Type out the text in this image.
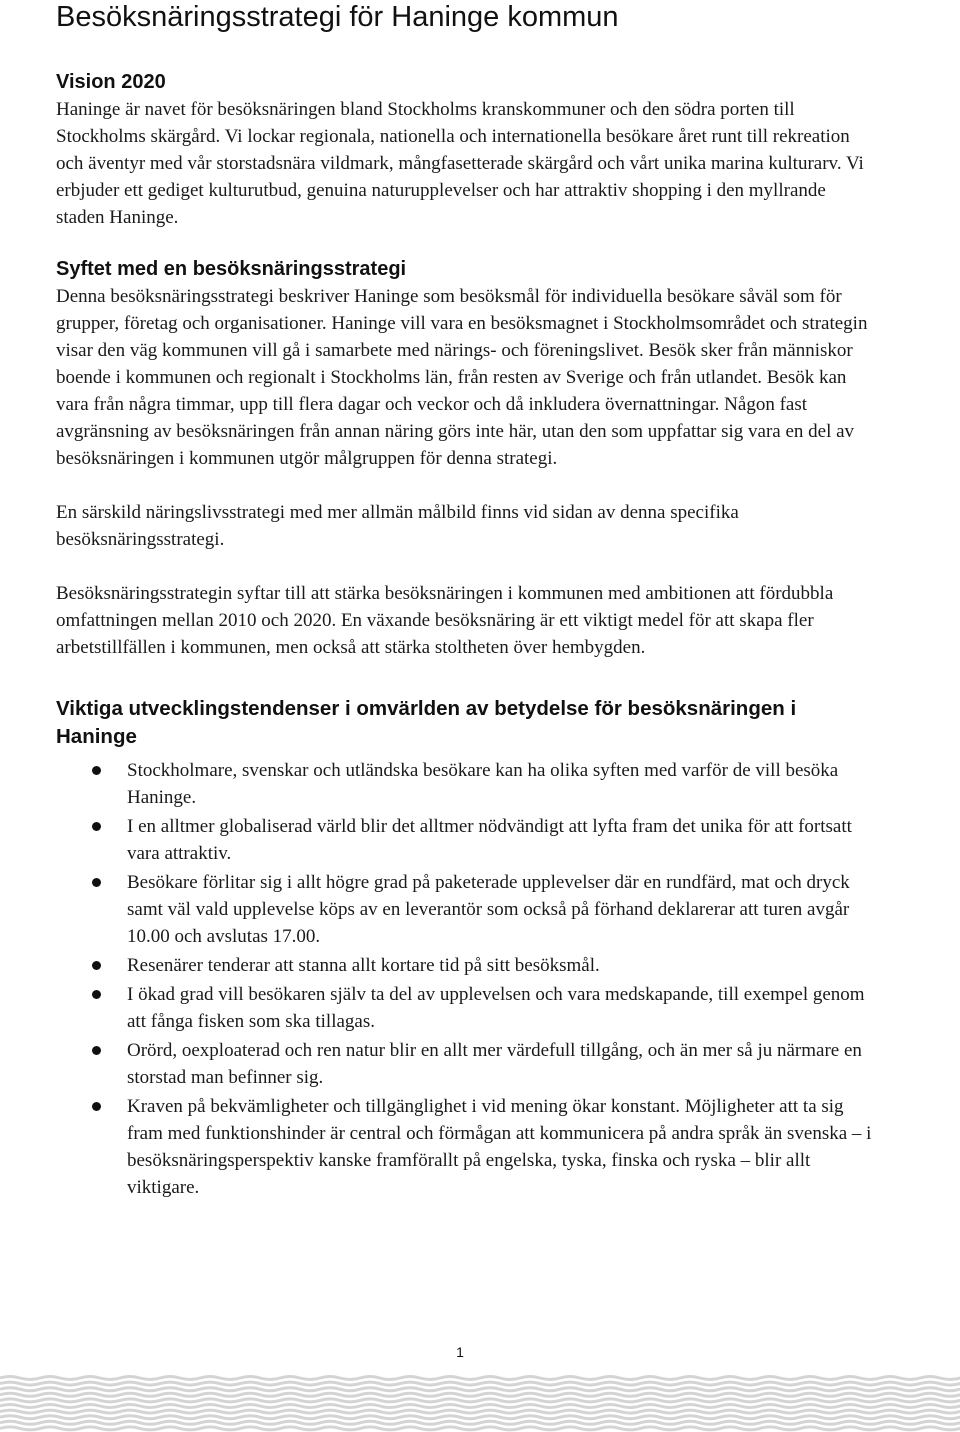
Besöksnäringsstrategi för Haninge kommun
Vision 2020

Haninge är navet för besöksnäringen bland Stockholms kranskommuner och den södra porten till Stockholms skärgård. Vi lockar regionala, nationella och internationella besökare året runt till rekreation och äventyr med vår storstadsnära vildmark, mångfasetterade skärgård och vårt unika marina kulturarv. Vi erbjuder ett gediget kulturutbud, genuina naturupplevelser och har attraktiv shopping i den myllrande staden Haninge.

Syftet med en besöksnäringsstrategi

Denna besöksnäringsstrategi beskriver Haninge som besöksmål för individuella besökare såväl som för grupper, företag och organisationer. Haninge vill vara en besöksmagnet i Stockholmsområdet och strategin visar den väg kommunen vill gå i samarbete med närings- och föreningslivet. Besök sker från människor boende i kommunen och regionalt i Stockholms län, från resten av Sverige och från utlandet. Besök kan vara från några timmar, upp till flera dagar och veckor och då inkludera övernattningar. Någon fast avgränsning av besöksnäringen från annan näring görs inte här, utan den som uppfattar sig vara en del av besöksnäringen i kommunen utgör målgruppen för denna strategi.

En särskild näringslivsstrategi med mer allmän målbild finns vid sidan av denna specifika besöksnäringsstrategi.

Besöksnäringsstrategin syftar till att stärka besöksnäringen i kommunen med ambitionen att fördubbla omfattningen mellan 2010 och 2020. En växande besöksnäring är ett viktigt medel för att skapa fler arbetstillfällen i kommunen, men också att stärka stoltheten över hembygden.

Viktiga utvecklingstendenser i omvärlden av betydelse för besöksnäringen i Haninge
Stockholmare, svenskar och utländska besökare kan ha olika syften med varför de vill besöka Haninge.
I en alltmer globaliserad värld blir det alltmer nödvändigt att lyfta fram det unika för att fortsatt vara attraktiv.
Besökare förlitar sig i allt högre grad på paketerade upplevelser där en rundfärd, mat och dryck samt väl vald upplevelse köps av en leverantör som också på förhand deklarerar att turen avgår 10.00 och avslutas 17.00.
Resenärer tenderar att stanna allt kortare tid på sitt besöksmål.
I ökad grad vill besökaren själv ta del av upplevelsen och vara medskapande, till exempel genom att fånga fisken som ska tillagas.
Orörd, oexploaterad och ren natur blir en allt mer värdefull tillgång, och än mer så ju närmare en storstad man befinner sig.
Kraven på bekvämligheter och tillgänglighet i vid mening ökar konstant. Möjligheter att ta sig fram med funktionshinder är central och förmågan att kommunicera på andra språk än svenska – i besöksnäringsperspektiv kanske framförallt på engelska, tyska, finska och ryska – blir allt viktigare.
1
